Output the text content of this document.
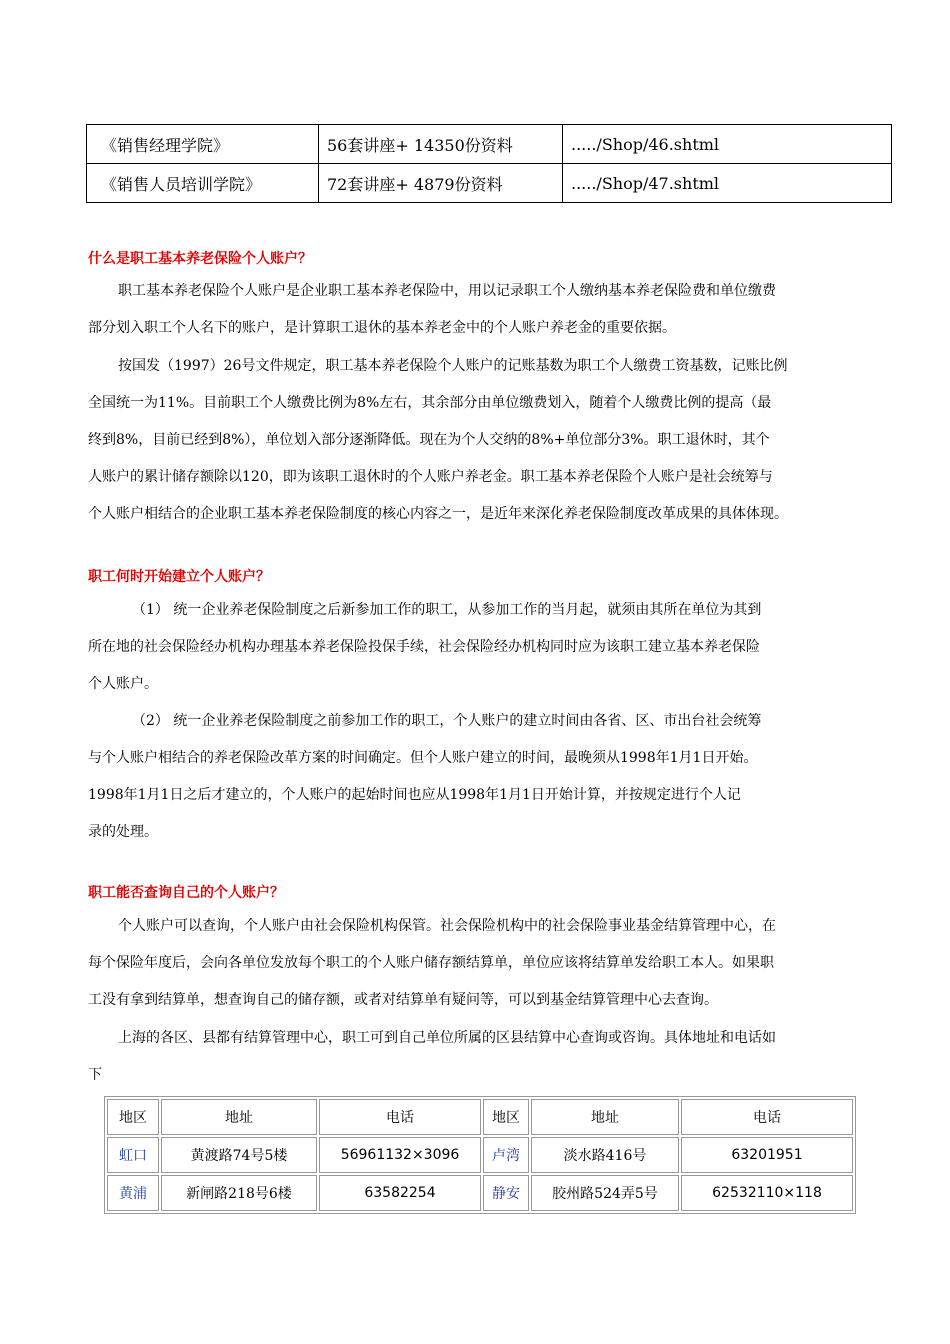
《销售经理学院》	56套讲座+ 14350份资料	...../Shop/46.shtml
《销售人员培训学院》	72套讲座+ 4879份资料	...../Shop/47.shtml
什么是职工基本养老保险个人账户？
职工基本养老保险个人账户是企业职工基本养老保险中，用以记录职工个人缴纳基本养老保险费和单位缴费
部分划入职工个人名下的账户，是计算职工退休的基本养老金中的个人账户养老金的重要依据。
按国发（1997）26号文件规定，职工基本养老保险个人账户的记账基数为职工个人缴费工资基数，记账比例
全国统一为11%。目前职工个人缴费比例为8%左右，其余部分由单位缴费划入，随着个人缴费比例的提高（最
终到8%，目前已经到8%），单位划入部分逐渐降低。现在为个人交纳的8%+单位部分3%。职工退休时，其个
人账户的累计储存额除以120，即为该职工退休时的个人账户养老金。职工基本养老保险个人账户是社会统筹与
个人账户相结合的企业职工基本养老保险制度的核心内容之一，是近年来深化养老保险制度改革成果的具体体现。
职工何时开始建立个人账户？
（1） 统一企业养老保险制度之后新参加工作的职工，从参加工作的当月起，就须由其所在单位为其到
所在地的社会保险经办机构办理基本养老保险投保手续，社会保险经办机构同时应为该职工建立基本养老保险
个人账户。
（2） 统一企业养老保险制度之前参加工作的职工，个人账户的建立时间由各省、区、市出台社会统筹
与个人账户相结合的养老保险改革方案的时间确定。但个人账户建立的时间，最晚须从1998年1月1日开始。
1998年1月1日之后才建立的，个人账户的起始时间也应从1998年1月1日开始计算，并按规定进行个人记
录的处理。
职工能否查询自己的个人账户？
个人账户可以查询，个人账户由社会保险机构保管。社会保险机构中的社会保险事业基金结算管理中心，在
每个保险年度后，会向各单位发放每个职工的个人账户储存额结算单，单位应该将结算单发给职工本人。如果职
工没有拿到结算单，想查询自己的储存额，或者对结算单有疑问等，可以到基金结算管理中心去查询。
上海的各区、县都有结算管理中心，职工可到自己单位所属的区县结算中心查询或咨询。具体地址和电话如
下
地区	地址	电话	地区	地址	电话
虹口	黄渡路74号5楼	56961132×3096	卢湾	淡水路416号	63201951
黄浦	新闸路218号6楼	63582254	静安	胶州路524弄5号	62532110×118
